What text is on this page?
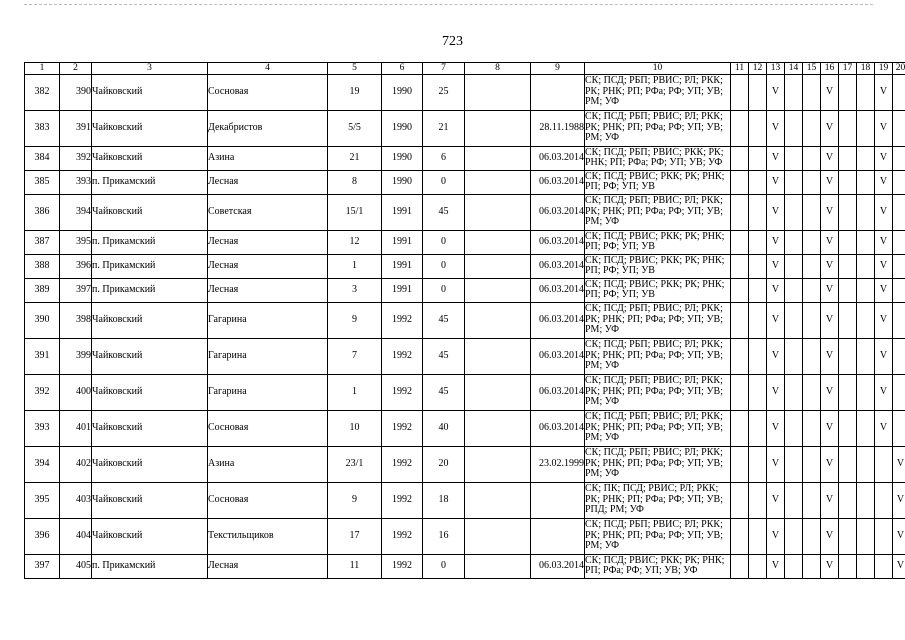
723
1	2	3	4	5	6	7	8	9	10	11	12	13	14	15	16	17	18	19	20
382	390	Чайковский	Сосновая	19	1990	25			СК; ПСД; РБП; РВИС; РЛ; РКК; РК; РНК; РП; РФа; РФ; УП; УВ; РМ; УФ			V			V			V	
383	391	Чайковский	Декабристов	5/5	1990	21		28.11.1988	СК; ПСД; РБП; РВИС; РЛ; РКК; РК; РНК; РП; РФа; РФ; УП; УВ; РМ; УФ			V			V			V	
384	392	Чайковский	Азина	21	1990	6		06.03.2014	СК; ПСД; РБП; РВИС; РКК; РК; РНК; РП; РФа; РФ; УП; УВ; УФ			V			V			V	
385	393	п. Прикамский	Лесная	8	1990	0		06.03.2014	СК; ПСД; РВИС; РКК; РК; РНК; РП; РФ; УП; УВ			V			V			V	
386	394	Чайковский	Советская	15/1	1991	45		06.03.2014	СК; ПСД; РБП; РВИС; РЛ; РКК; РК; РНК; РП; РФа; РФ; УП; УВ; РМ; УФ			V			V			V	
387	395	п. Прикамский	Лесная	12	1991	0		06.03.2014	СК; ПСД; РВИС; РКК; РК; РНК; РП; РФ; УП; УВ			V			V			V	
388	396	п. Прикамский	Лесная	1	1991	0		06.03.2014	СК; ПСД; РВИС; РКК; РК; РНК; РП; РФ; УП; УВ			V			V			V	
389	397	п. Прикамский	Лесная	3	1991	0		06.03.2014	СК; ПСД; РВИС; РКК; РК; РНК; РП; РФ; УП; УВ			V			V			V	
390	398	Чайковский	Гагарина	9	1992	45		06.03.2014	СК; ПСД; РБП; РВИС; РЛ; РКК; РК; РНК; РП; РФа; РФ; УП; УВ; РМ; УФ			V			V			V	
391	399	Чайковский	Гагарина	7	1992	45		06.03.2014	СК; ПСД; РБП; РВИС; РЛ; РКК; РК; РНК; РП; РФа; РФ; УП; УВ; РМ; УФ			V			V			V	
392	400	Чайковский	Гагарина	1	1992	45		06.03.2014	СК; ПСД; РБП; РВИС; РЛ; РКК; РК; РНК; РП; РФа; РФ; УП; УВ; РМ; УФ			V			V			V	
393	401	Чайковский	Сосновая	10	1992	40		06.03.2014	СК; ПСД; РБП; РВИС; РЛ; РКК; РК; РНК; РП; РФа; РФ; УП; УВ; РМ; УФ			V			V			V	
394	402	Чайковский	Азина	23/1	1992	20		23.02.1999	СК; ПСД; РБП; РВИС; РЛ; РКК; РК; РНК; РП; РФа; РФ; УП; УВ; РМ; УФ			V			V				V
395	403	Чайковский	Сосновая	9	1992	18			СК; ПК; ПСД; РВИС; РЛ; РКК; РК; РНК; РП; РФа; РФ; УП; УВ; РПД; РМ; УФ			V			V				V
396	404	Чайковский	Текстильщиков	17	1992	16			СК; ПСД; РБП; РВИС; РЛ; РКК; РК; РНК; РП; РФа; РФ; УП; УВ; РМ; УФ			V			V				V
397	405	п. Прикамский	Лесная	11	1992	0		06.03.2014	СК; ПСД; РВИС; РКК; РК; РНК; РП; РФа; РФ; УП; УВ; УФ			V			V				V
